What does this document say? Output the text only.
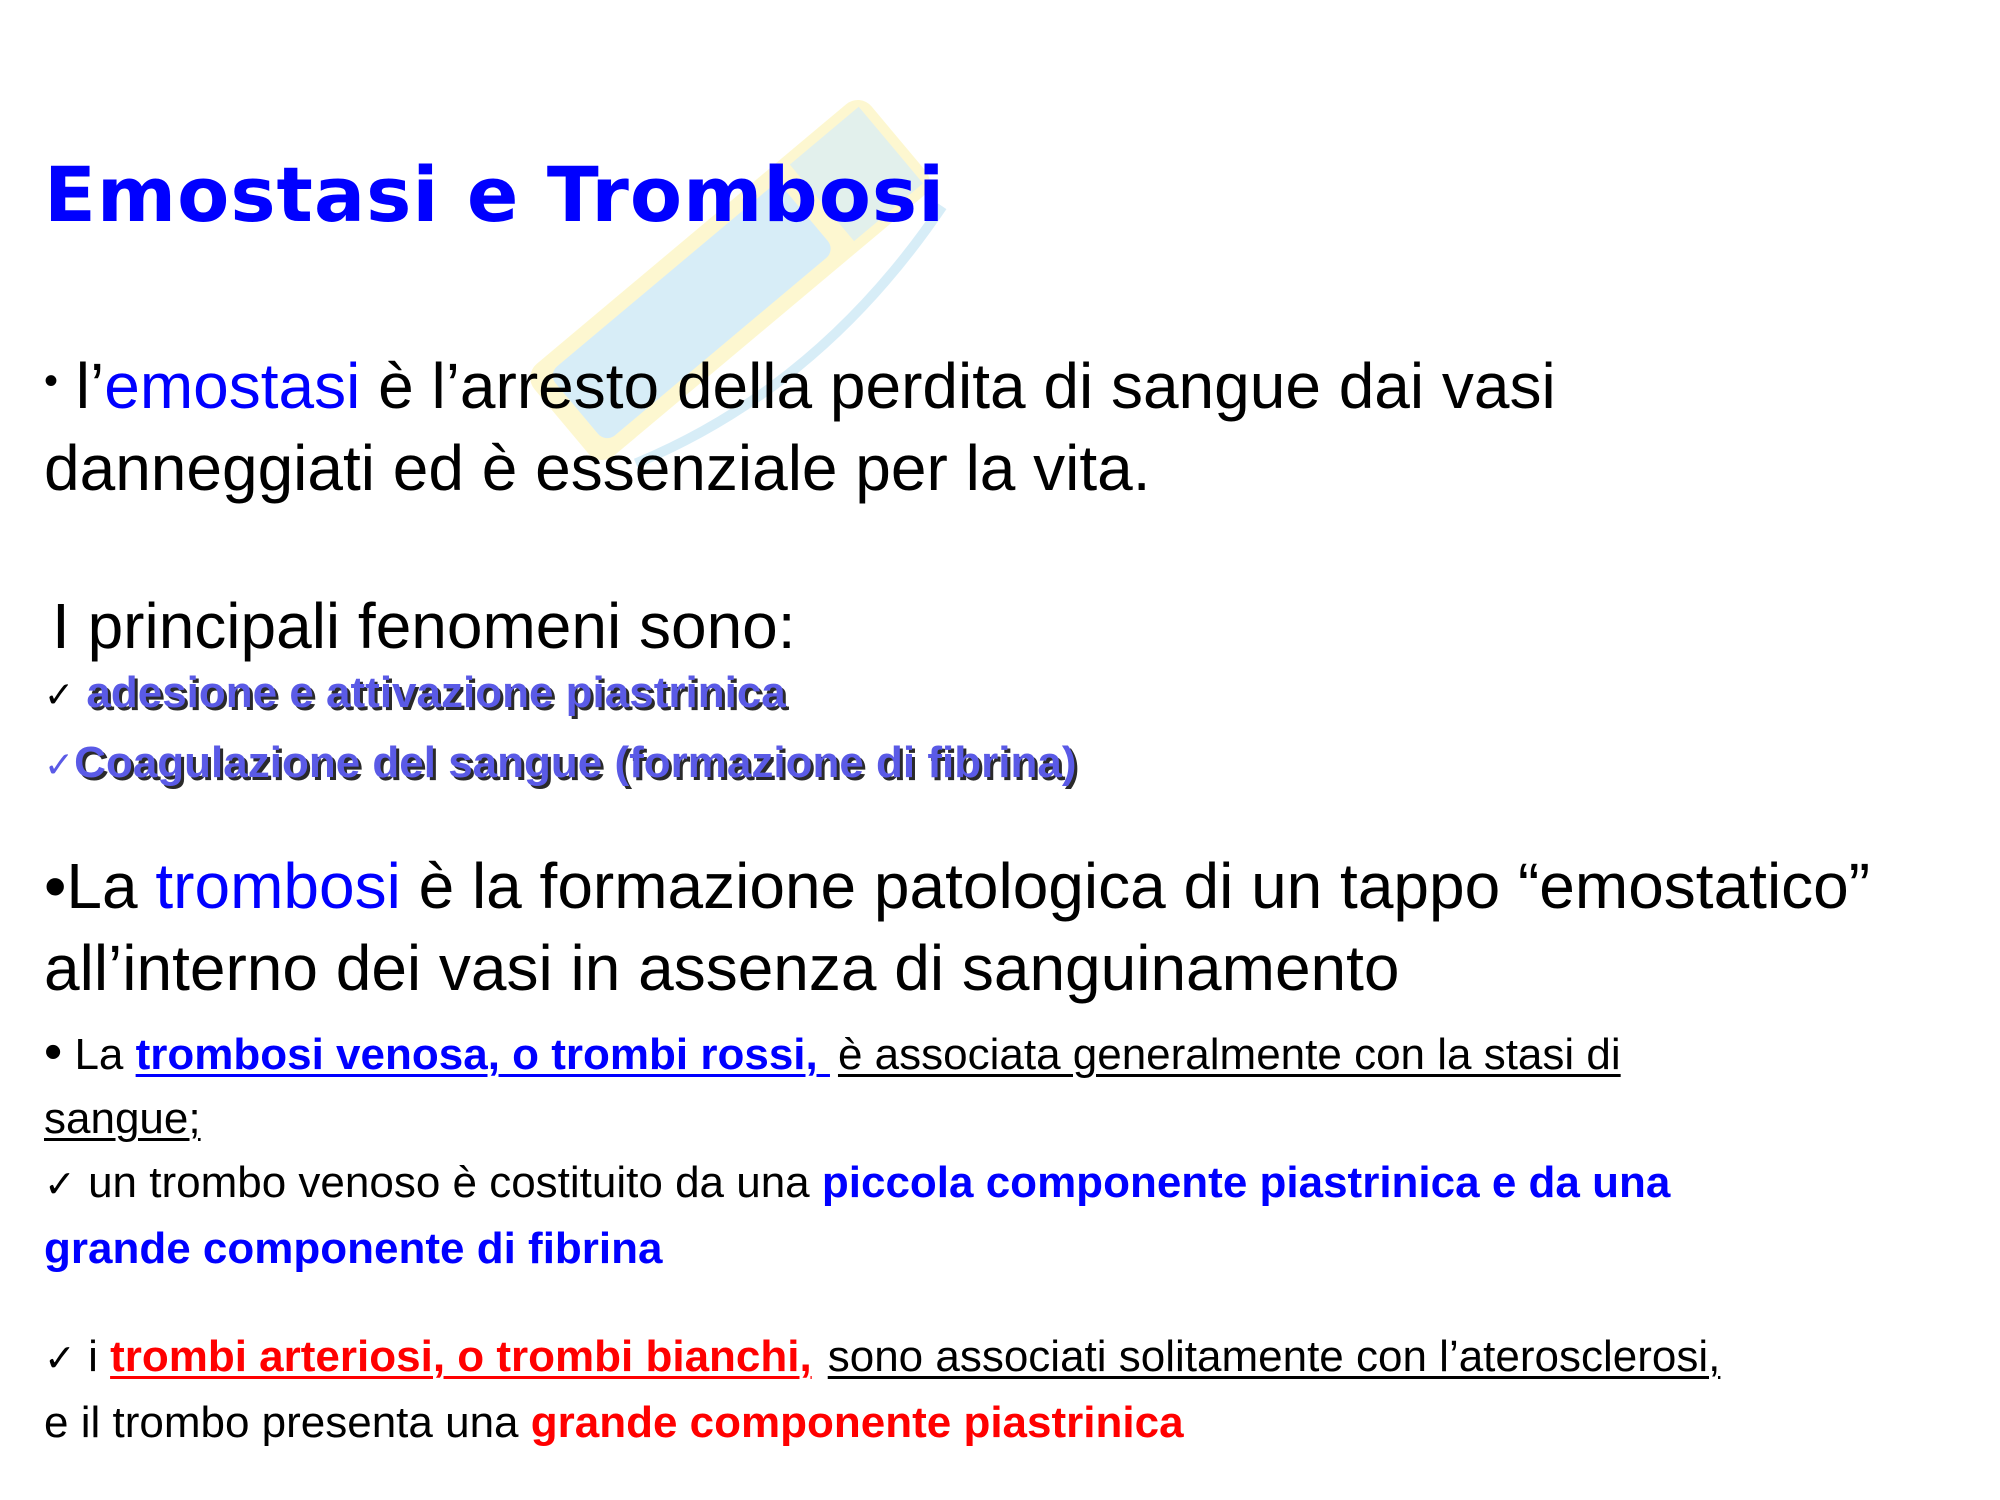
Emostasi e Trombosi
• l’emostasi è l’arresto della perdita di sangue dai vasi
danneggiati ed è essenziale per la vita.
I principali fenomeni sono:
✓ adesione e attivazione piastrinica
✓Coagulazione del sangue (formazione di fibrina)
•La trombosi è la formazione patologica di un tappo “emostatico”
all’interno dei vasi in assenza di sanguinamento
• La trombosi venosa, o trombi rossi, è associata generalmente con la stasi di
sangue;
✓ un trombo venoso è costituito da una piccola componente piastrinica e da una
grande componente di fibrina
✓ i trombi arteriosi, o trombi bianchi, sono associati solitamente con l’aterosclerosi,
e il trombo presenta una grande componente piastrinica
